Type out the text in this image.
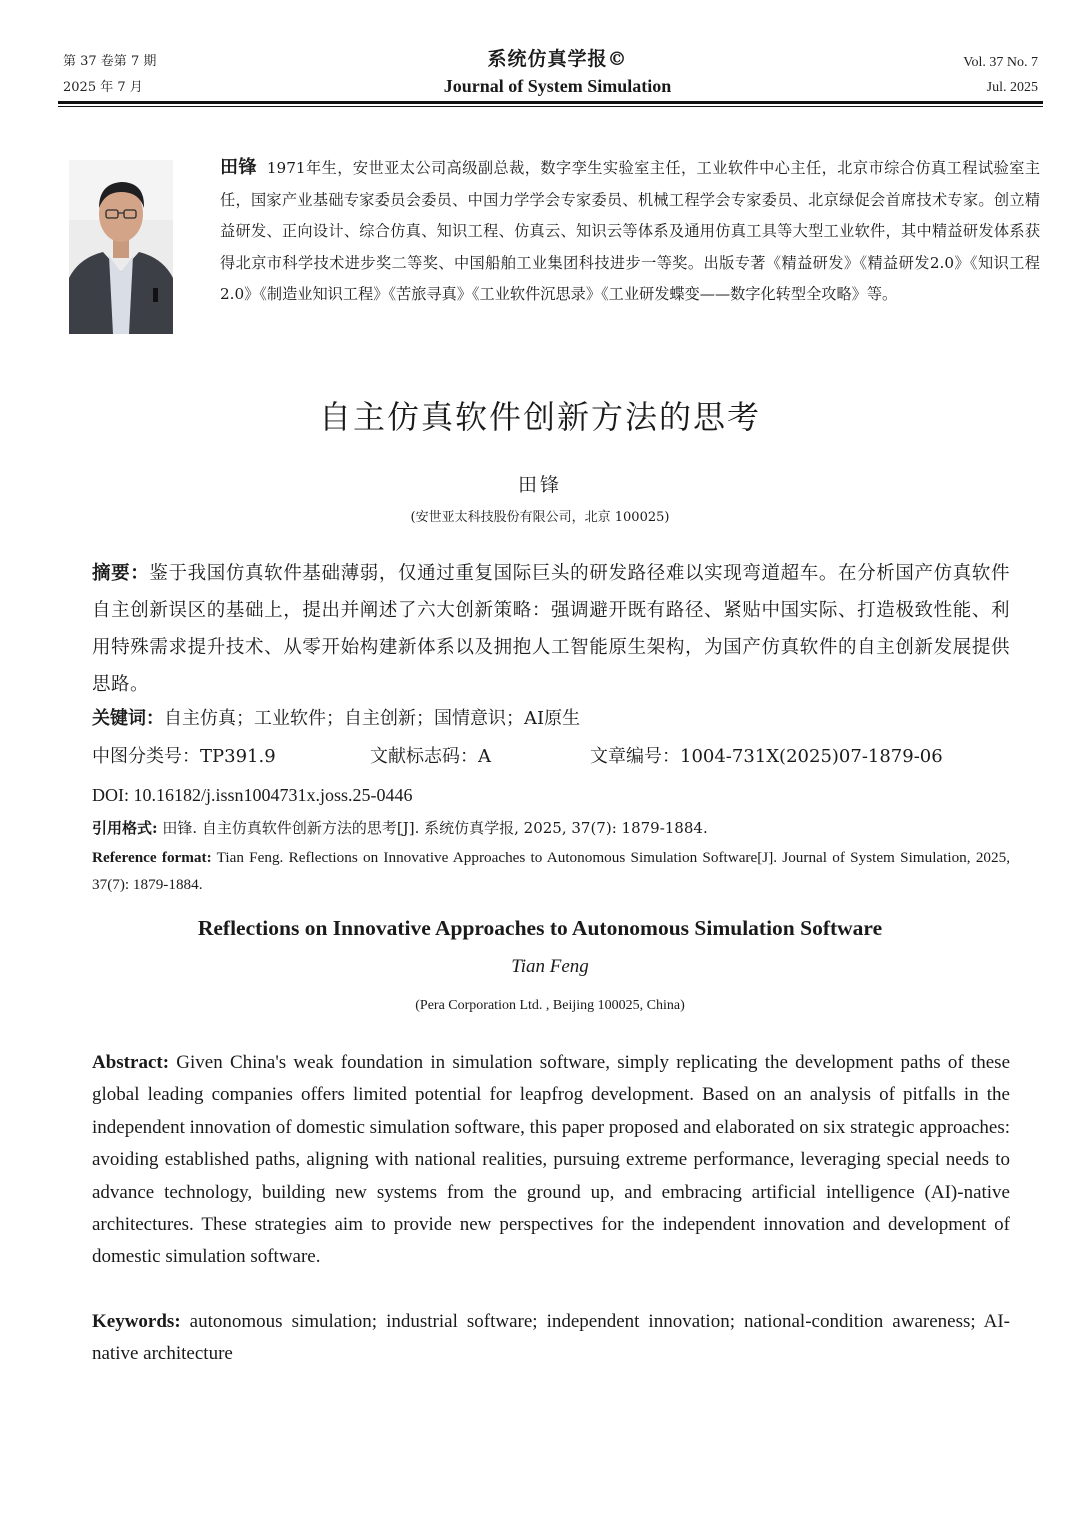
第 37 卷第 7 期
2025 年 7 月
系统仿真学报©
Journal of System Simulation
Vol. 37 No. 7
Jul. 2025
田锋 1971年生，安世亚太公司高级副总裁，数字孪生实验室主任，工业软件中心主任，北京市综合仿真工程试验室主任，国家产业基础专家委员会委员、中国力学学会专家委员、机械工程学会专家委员、北京绿促会首席技术专家。创立精益研发、正向设计、综合仿真、知识工程、仿真云、知识云等体系及通用仿真工具等大型工业软件，其中精益研发体系获得北京市科学技术进步奖二等奖、中国船舶工业集团科技进步一等奖。出版专著《精益研发》《精益研发2.0》《知识工程2.0》《制造业知识工程》《苦旅寻真》《工业软件沉思录》《工业研发蝶变——数字化转型全攻略》等。
自主仿真软件创新方法的思考
田锋
(安世亚太科技股份有限公司，北京 100025)
摘要：鉴于我国仿真软件基础薄弱，仅通过重复国际巨头的研发路径难以实现弯道超车。在分析国产仿真软件自主创新误区的基础上，提出并阐述了六大创新策略：强调避开既有路径、紧贴中国实际、打造极致性能、利用特殊需求提升技术、从零开始构建新体系以及拥抱人工智能原生架构，为国产仿真软件的自主创新发展提供思路。
关键词：自主仿真；工业软件；自主创新；国情意识；AI原生
中图分类号：TP391.9	文献标志码：A	文章编号：1004-731X(2025)07-1879-06
DOI: 10.16182/j.issn1004731x.joss.25-0446
引用格式: 田锋. 自主仿真软件创新方法的思考[J]. 系统仿真学报, 2025, 37(7): 1879-1884.
Reference format: Tian Feng. Reflections on Innovative Approaches to Autonomous Simulation Software[J]. Journal of System Simulation, 2025, 37(7): 1879-1884.
Reflections on Innovative Approaches to Autonomous Simulation Software
Tian Feng
(Pera Corporation Ltd. , Beijing 100025, China)
Abstract: Given China's weak foundation in simulation software, simply replicating the development paths of these global leading companies offers limited potential for leapfrog development. Based on an analysis of pitfalls in the independent innovation of domestic simulation software, this paper proposed and elaborated on six strategic approaches: avoiding established paths, aligning with national realities, pursuing extreme performance, leveraging special needs to advance technology, building new systems from the ground up, and embracing artificial intelligence (AI)-native architectures. These strategies aim to provide new perspectives for the independent innovation and development of domestic simulation software.
Keywords: autonomous simulation; industrial software; independent innovation; national-condition awareness; AI-native architecture
